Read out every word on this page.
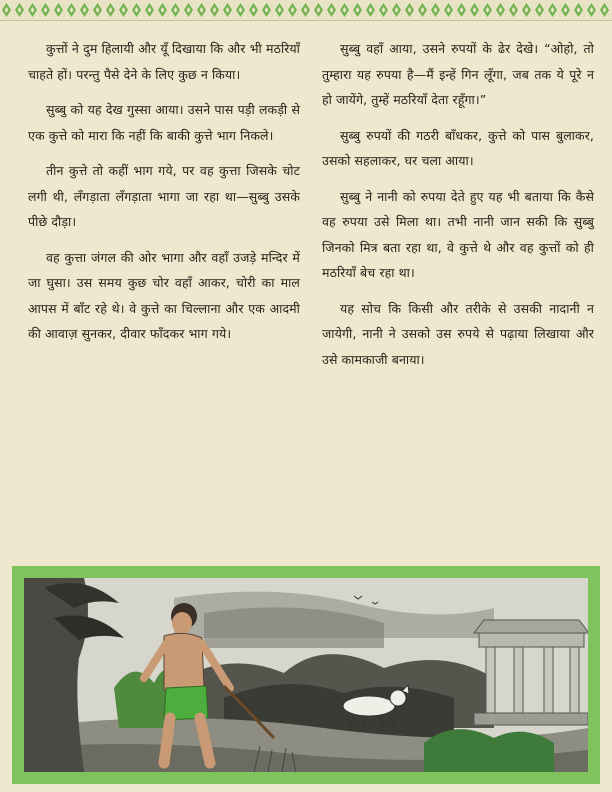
कुत्तों ने दुम हिलायी और यूँ दिखाया कि और भी मठरियाँ चाहते हों। परन्तु पैसे देने के लिए कुछ न किया।

सुब्बु को यह देख गुस्सा आया। उसने पास पड़ी लकड़ी से एक कुत्ते को मारा कि नहीं कि बाकी कुत्ते भाग निकले।

तीन कुत्ते तो कहीं भाग गये, पर वह कुत्ता जिसके चोट लगी थी, लँगड़ाता लँगड़ाता भागा जा रहा था—सुब्बु उसके पीछे दौड़ा।

वह कुत्ता जंगल की ओर भागा और वहाँ उजड़े मन्दिर में जा घुसा। उस समय कुछ चोर वहाँ आकर, चोरी का माल आपस में बाँट रहे थे। वे कुत्ते का चिल्लाना और एक आदमी की आवाज़ सुनकर, दीवार फाँदकर भाग गये।

सुब्बु वहाँ आया, उसने रुपयों के ढेर देखे। “ओहो, तो तुम्हारा यह रुपया है—मैं इन्हें गिन लूँगा, जब तक ये पूरे न हो जायेंगे, तुम्हें मठरियाँ देता रहूँगा।”

सुब्बु रुपयों की गठरी बाँधकर, कुत्ते को पास बुलाकर, उसको सहलाकर, घर चला आया।

सुब्बु ने नानी को रुपया देते हुए यह भी बताया कि कैसे वह रुपया उसे मिला था। तभी नानी जान सकी कि सुब्बु जिनको मित्र बता रहा था, वे कुत्ते थे और वह कुत्तों को ही मठरियाँ बेच रहा था।

यह सोच कि किसी और तरीके से उसकी नादानी न जायेगी, नानी ने उसको उस रुपये से पढ़ाया लिखाया और उसे कामकाजी बनाया।
